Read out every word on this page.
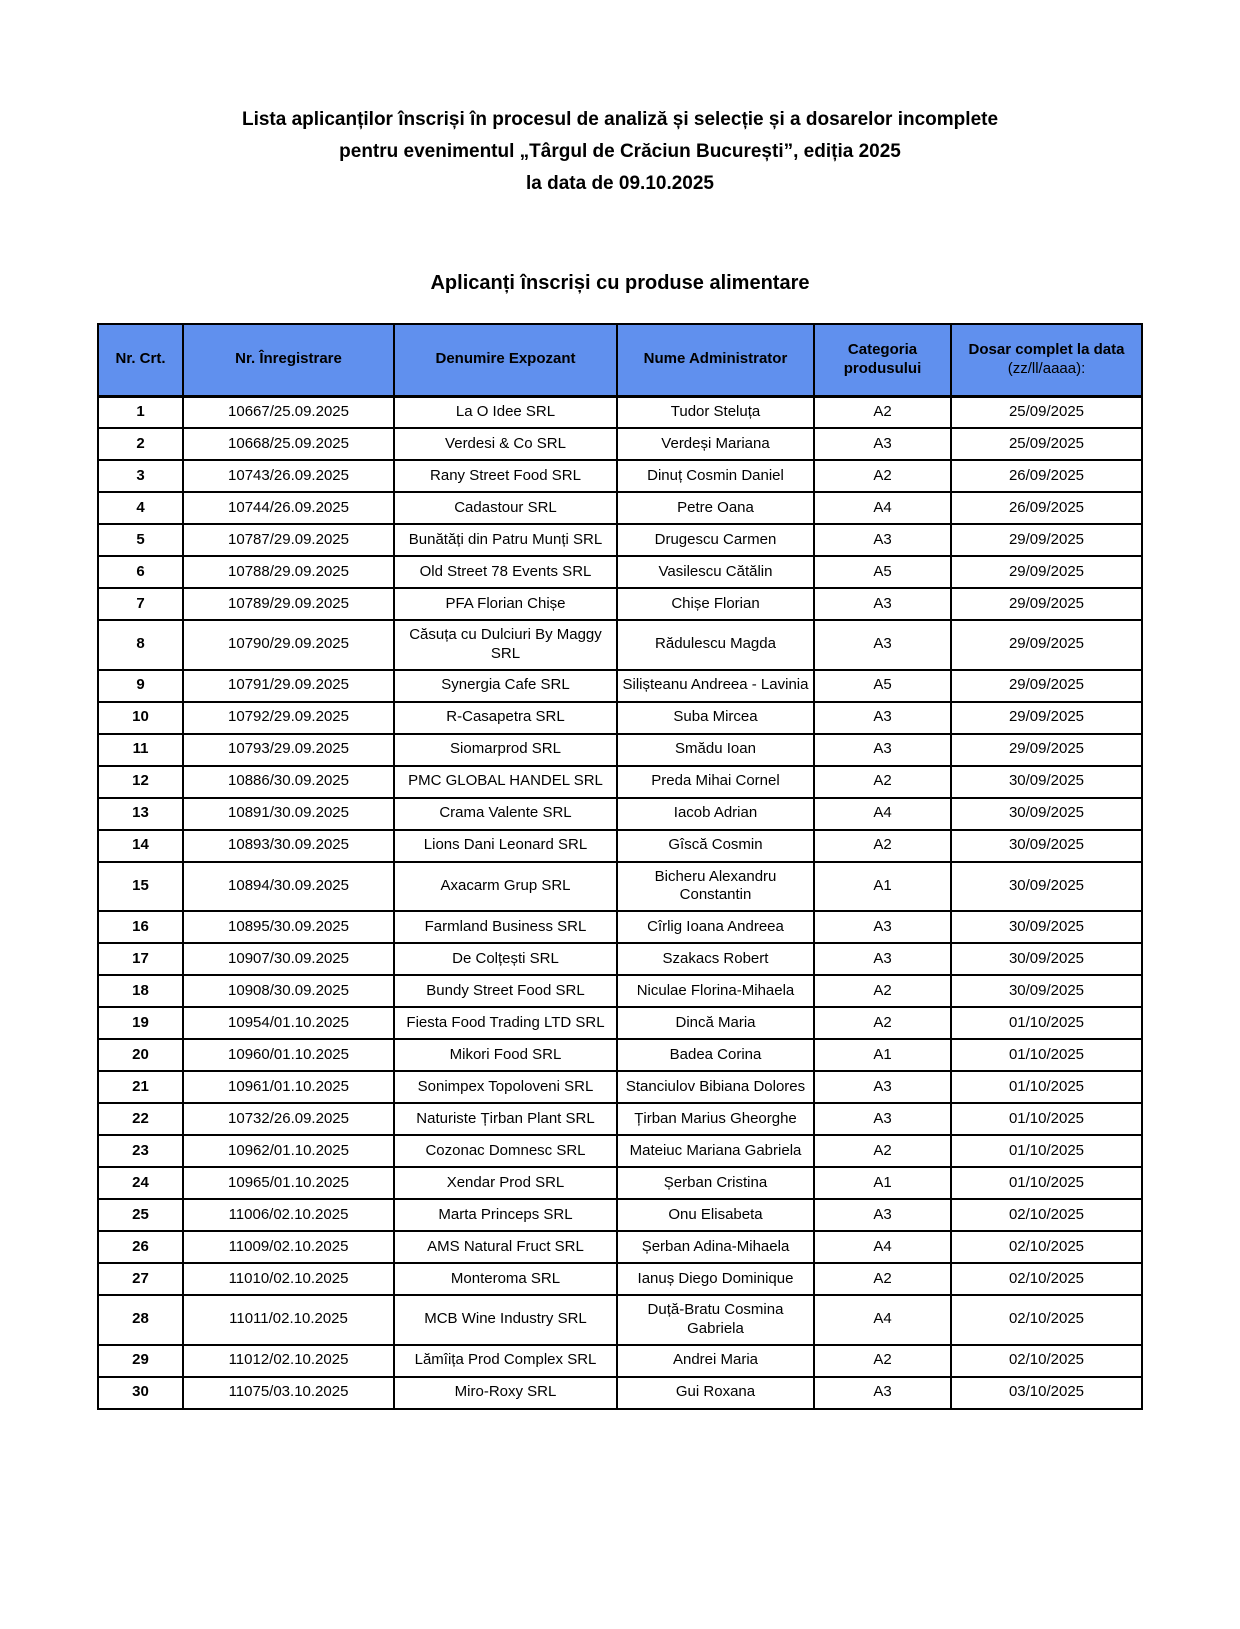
Lista aplicanților înscriși în procesul de analiză și selecție și a dosarelor incomplete
pentru evenimentul „Târgul de Crăciun București”, ediția 2025
la data de 09.10.2025
Aplicanți înscriși cu produse alimentare
Nr. Crt.	Nr. Înregistrare	Denumire Expozant	Nume Administrator	Categoria produsului	Dosar complet la data
(zz/ll/aaaa):

1	10667/25.09.2025	La O Idee SRL	Tudor Steluța	A2	25/09/2025
2	10668/25.09.2025	Verdesi & Co SRL	Verdeși Mariana	A3	25/09/2025
3	10743/26.09.2025	Rany Street Food SRL	Dinuț Cosmin Daniel	A2	26/09/2025
4	10744/26.09.2025	Cadastour SRL	Petre Oana	A4	26/09/2025
5	10787/29.09.2025	Bunătăți din Patru Munți SRL	Drugescu Carmen	A3	29/09/2025
6	10788/29.09.2025	Old Street 78 Events SRL	Vasilescu Cătălin	A5	29/09/2025
7	10789/29.09.2025	PFA Florian Chișe	Chișe Florian	A3	29/09/2025
8	10790/29.09.2025	Căsuța cu Dulciuri By Maggy SRL	Rădulescu Magda	A3	29/09/2025
9	10791/29.09.2025	Synergia Cafe SRL	Silișteanu Andreea - Lavinia	A5	29/09/2025
10	10792/29.09.2025	R-Casapetra SRL	Suba Mircea	A3	29/09/2025
11	10793/29.09.2025	Siomarprod SRL	Smădu Ioan	A3	29/09/2025
12	10886/30.09.2025	PMC GLOBAL HANDEL SRL	Preda Mihai Cornel	A2	30/09/2025
13	10891/30.09.2025	Crama Valente SRL	Iacob Adrian	A4	30/09/2025
14	10893/30.09.2025	Lions Dani Leonard SRL	Gîscă Cosmin	A2	30/09/2025
15	10894/30.09.2025	Axacarm Grup SRL	Bicheru Alexandru Constantin	A1	30/09/2025
16	10895/30.09.2025	Farmland Business SRL	Cîrlig Ioana Andreea	A3	30/09/2025
17	10907/30.09.2025	De Colțești SRL	Szakacs Robert	A3	30/09/2025
18	10908/30.09.2025	Bundy Street Food SRL	Niculae Florina-Mihaela	A2	30/09/2025
19	10954/01.10.2025	Fiesta Food Trading LTD SRL	Dincă Maria	A2	01/10/2025
20	10960/01.10.2025	Mikori Food SRL	Badea Corina	A1	01/10/2025
21	10961/01.10.2025	Sonimpex Topoloveni SRL	Stanciulov Bibiana Dolores	A3	01/10/2025
22	10732/26.09.2025	Naturiste Țirban Plant SRL	Țirban Marius Gheorghe	A3	01/10/2025
23	10962/01.10.2025	Cozonac Domnesc SRL	Mateiuc Mariana Gabriela	A2	01/10/2025
24	10965/01.10.2025	Xendar Prod SRL	Șerban Cristina	A1	01/10/2025
25	11006/02.10.2025	Marta Princeps SRL	Onu Elisabeta	A3	02/10/2025
26	11009/02.10.2025	AMS Natural Fruct SRL	Șerban Adina-Mihaela	A4	02/10/2025
27	11010/02.10.2025	Monteroma SRL	Ianuș Diego Dominique	A2	02/10/2025
28	11011/02.10.2025	MCB Wine Industry SRL	Duță-Bratu Cosmina Gabriela	A4	02/10/2025
29	11012/02.10.2025	Lămîița Prod Complex SRL	Andrei Maria	A2	02/10/2025
30	11075/03.10.2025	Miro-Roxy SRL	Gui Roxana	A3	03/10/2025
